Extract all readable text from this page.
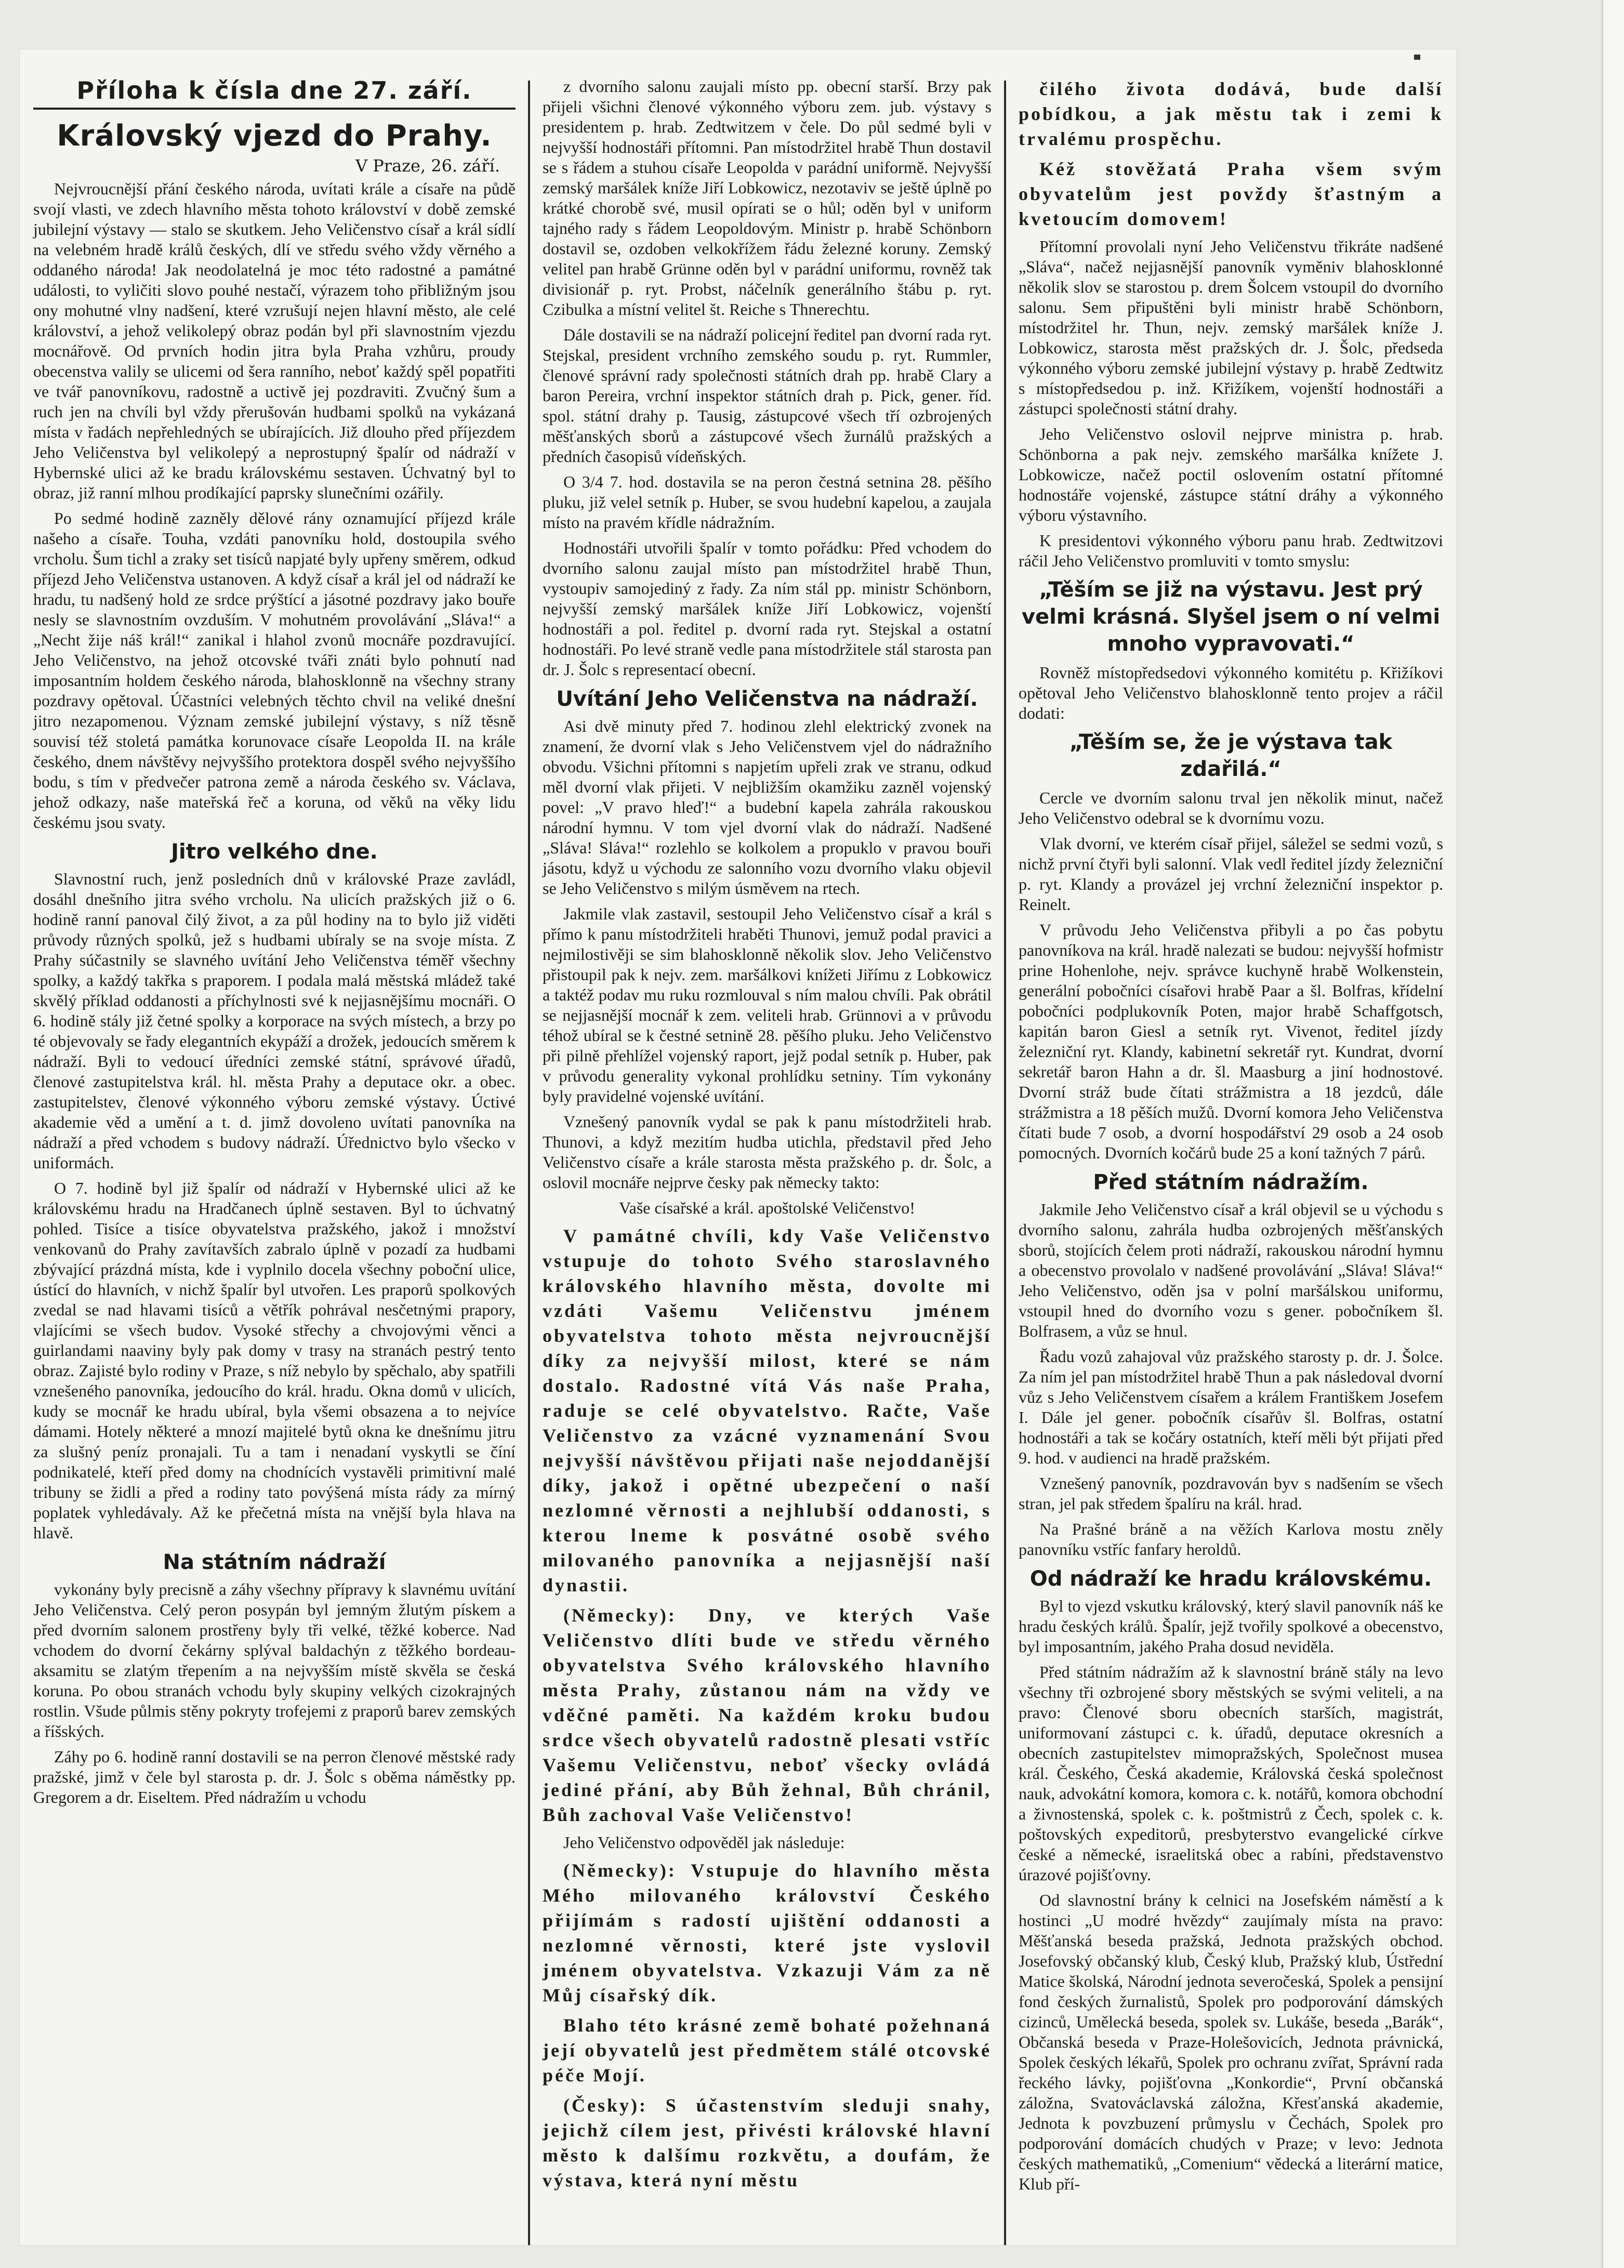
Příloha k čísla dne 27. září.
Královský vjezd do Prahy.
V Praze, 26. září.

Nejvroucnější přání českého národa, uvítati krále a císaře na půdě svojí vlasti, ve zdech hlavního města tohoto království v době zemské jubilejní výstavy — stalo se skutkem. Jeho Veličenstvo císař a král sídlí na velebném hradě králů českých, dlí ve středu svého vždy věrného a oddaného národa! Jak neodolatelná je moc této radostné a památné události, to vyličiti slovo pouhé nestačí, výrazem toho přibližným jsou ony mohutné vlny nadšení, které vzrušují nejen hlavní město, ale celé království, a jehož velikolepý obraz podán byl při slavnostním vjezdu mocnářově. Od prvních hodin jitra byla Praha vzhůru, proudy obecenstva valily se ulicemi od šera ranního, neboť každý spěl popatřiti ve tvář panovníkovu, radostně a uctivě jej pozdraviti. Zvučný šum a ruch jen na chvíli byl vždy přerušován hudbami spolků na vykázaná místa v řadách nepřehledných se ubírajících. Již dlouho před příjezdem Jeho Veličenstva byl velikolepý a neprostupný špalír od nádraží v Hybernské ulici až ke bradu královskému sestaven. Úchvatný byl to obraz, již ranní mlhou prodíkající paprsky slunečními ozářily.

Po sedmé hodině zazněly dělové rány oznamující příjezd krále našeho a císaře. Touha, vzdáti panovníku hold, dostoupila svého vrcholu. Šum tichl a zraky set tisíců napjaté byly upřeny směrem, odkud příjezd Jeho Veličenstva ustanoven. A když císař a král jel od nádraží ke hradu, tu nadšený hold ze srdce prýštící a jásotné pozdravy jako bouře nesly se slavnostním ovzduším. V mohutném provolávání „Sláva!“ a „Necht žije náš král!“ zanikal i hlahol zvonů mocnáře pozdravující. Jeho Veličenstvo, na jehož otcovské tváři znáti bylo pohnutí nad imposantním holdem českého národa, blahosklonně na všechny strany pozdravy opětoval. Účastníci velebných těchto chvil na veliké dnešní jitro nezapomenou. Význam zemské jubilejní výstavy, s níž těsně souvisí též stoletá památka korunovace císaře Leopolda II. na krále českého, dnem návštěvy nejvyššího protektora dospěl svého nejvyššího bodu, s tím v předvečer patrona země a národa českého sv. Václava, jehož odkazy, naše mateřská řeč a koruna, od věků na věky lidu českému jsou svaty.

Jitro velkého dne.

Slavnostní ruch, jenž posledních dnů v královské Praze zavládl, dosáhl dnešního jitra svého vrcholu. Na ulicích pražských již o 6. hodině ranní panoval čilý život, a za půl hodiny na to bylo již viděti průvody různých spolků, jež s hudbami ubíraly se na svoje místa. Z Prahy súčastnily se slavného uvítání Jeho Veličenstva téměř všechny spolky, a každý takřka s praporem. I podala malá městská mládež také skvělý příklad oddanosti a příchylnosti své k nejjasnějšímu mocnáři. O 6. hodině stály již četné spolky a korporace na svých místech, a brzy po té objevovaly se řady elegantních ekypáží a drožek, jedoucích směrem k nádraží. Byli to vedoucí úředníci zemské státní, správové úřadů, členové zastupitelstva král. hl. města Prahy a deputace okr. a obec. zastupitelstev, členové výkonného výboru zemské výstavy. Úctivé akademie věd a umění a t. d. jimž dovoleno uvítati panovníka na nádraží a před vchodem s budovy nádraží. Úřednictvo bylo všecko v uniformách.

O 7. hodině byl již špalír od nádraží v Hybernské ulici až ke královskému hradu na Hradčanech úplně sestaven. Byl to úchvatný pohled. Tisíce a tisíce obyvatelstva pražského, jakož i množství venkovanů do Prahy zavítavších zabralo úplně v pozadí za hudbami zbývající prázdná místa, kde i vyplnilo docela všechny poboční ulice, ústící do hlavních, v nichž špalír byl utvořen. Les praporů spolkových zvedal se nad hlavami tisíců a větřík pohrával nesčetnými prapory, vlajícími se všech budov. Vysoké střechy a chvojovými věnci a guirlandami naaviny byly pak domy v trasy na stranách pestrý tento obraz. Zajisté bylo rodiny v Praze, s níž nebylo by spěchalo, aby spatřili vznešeného panovníka, jedoucího do král. hradu. Okna domů v ulicích, kudy se mocnář ke hradu ubíral, byla všemi obsazena a to nejvíce dámami. Hotely některé a mnozí majitelé bytů okna ke dnešnímu jitru za slušný peníz pronajali. Tu a tam i nenadaní vyskytli se číní podnikatelé, kteří před domy na chodnících vystavěli primitivní malé tribuny se židli a před a rodiny tato povýšená místa rády za mírný poplatek vyhledávaly. Až ke přečetná místa na vnější byla hlava na hlavě.

Na státním nádraží

vykonány byly precisně a záhy všechny přípravy k slavnému uvítání Jeho Veličenstva. Celý peron posypán byl jemným žlutým pískem a před dvorním salonem prostřeny byly tři velké, těžké koberce. Nad vchodem do dvorní čekárny splýval baldachýn z těžkého bordeau-aksamitu se zlatým třepením a na nejvyšším místě skvěla se česká koruna. Po obou stranách vchodu byly skupiny velkých cizokrajných rostlin. Všude půlmis stěny pokryty trofejemi z praporů barev zemských a říšských.

Záhy po 6. hodině ranní dostavili se na perron členové městské rady pražské, jimž v čele byl starosta p. dr. J. Šolc s oběma náměstky pp. Gregorem a dr. Eiseltem. Před nádražím u vchodu

z dvorního salonu zaujali místo pp. obecní starší. Brzy pak přijeli všichni členové výkonného výboru zem. jub. výstavy s presidentem p. hrab. Zedtwitzem v čele. Do půl sedmé byli v nejvyšší hodnostáři přítomni. Pan místodržitel hrabě Thun dostavil se s řádem a stuhou císaře Leopolda v parádní uniformě. Nejvyšší zemský maršálek kníže Jiří Lobkowicz, nezotaviv se ještě úplně po krátké chorobě své, musil opírati se o hůl; oděn byl v uniform tajného rady s řádem Leopoldovým. Ministr p. hrabě Schönborn dostavil se, ozdoben velkokřížem řádu železné koruny. Zemský velitel pan hrabě Grünne oděn byl v parádní uniformu, rovněž tak divisionář p. ryt. Probst, náčelník generálního štábu p. ryt. Czibulka a místní velitel št. Reiche s Thnerechtu.

Dále dostavili se na nádraží policejní ředitel pan dvorní rada ryt. Stejskal, president vrchního zemského soudu p. ryt. Rummler, členové správní rady společnosti státních drah pp. hrabě Clary a baron Pereira, vrchní inspektor státních drah p. Pick, gener. říd. spol. státní drahy p. Tausig, zástupcové všech tří ozbrojených měšťanských sborů a zástupcové všech žurnálů pražských a předních časopisů vídeňských.

O 3/4 7. hod. dostavila se na peron čestná setnina 28. pěšího pluku, již velel setník p. Huber, se svou hudební kapelou, a zaujala místo na pravém křídle nádražním.

Hodnostáři utvořili špalír v tomto pořádku: Před vchodem do dvorního salonu zaujal místo pan místodržitel hrabě Thun, vystoupiv samojediný z řady. Za ním stál pp. ministr Schönborn, nejvyšší zemský maršálek kníže Jiří Lobkowicz, vojenští hodnostáři a pol. ředitel p. dvorní rada ryt. Stejskal a ostatní hodnostáři. Po levé straně vedle pana místodržitele stál starosta pan dr. J. Šolc s representací obecní.

Uvítání Jeho Veličenstva na nádraží.

Asi dvě minuty před 7. hodinou zlehl elektrický zvonek na znamení, že dvorní vlak s Jeho Veličenstvem vjel do nádražního obvodu. Všichni přítomni s napjetím upřeli zrak ve stranu, odkud měl dvorní vlak přijeti. V nejbližším okamžiku zazněl vojenský povel: „V pravo hleď!“ a budební kapela zahrála rakouskou národní hymnu. V tom vjel dvorní vlak do nádraží. Nadšené „Sláva! Sláva!“ rozlehlo se kolkolem a propuklo v pravou bouři jásotu, když u východu ze salonního vozu dvorního vlaku objevil se Jeho Veličenstvo s milým úsměvem na rtech.

Jakmile vlak zastavil, sestoupil Jeho Veličenstvo císař a král s přímo k panu místodržiteli hraběti Thunovi, jemuž podal pravici a nejmilostivěji se sim blahosklonně několik slov. Jeho Veličenstvo přistoupil pak k nejv. zem. maršálkovi knížeti Jiřímu z Lobkowicz a taktéž podav mu ruku rozmlouval s ním malou chvíli. Pak obrátil se nejjasnější mocnář k zem. veliteli hrab. Grünnovi a v průvodu téhož ubíral se k čestné setnině 28. pěšího pluku. Jeho Veličenstvo při pilně přehlížel vojenský raport, jejž podal setník p. Huber, pak v průvodu generality vykonal prohlídku setniny. Tím vykonány byly pravidelné vojenské uvítání.

Vznešený panovník vydal se pak k panu místodržiteli hrab. Thunovi, a když mezitím hudba utichla, představil před Jeho Veličenstvo císaře a krále starosta města pražského p. dr. Šolc, a oslovil mocnáře nejprve česky pak německy takto:

Vaše císařské a král. apoštolské Veličenstvo!

V památné chvíli, kdy Vaše Veličenstvo vstupuje do tohoto Svého staroslavného královského hlavního města, dovolte mi vzdáti Vašemu Veličenstvu jménem obyvatelstva tohoto města nejvroucnější díky za nejvyšší milost, které se nám dostalo. Radostné vítá Vás naše Praha, raduje se celé obyvatelstvo. Račte, Vaše Veličenstvo za vzácné vyznamenání Svou nejvyšší návštěvou přijati naše nejoddanější díky, jakož i opětné ubezpečení o naší nezlomné věrnosti a nejhlubší oddanosti, s kterou lneme k posvátné osobě svého milovaného panovníka a nejjasnější naší dynastii.

(Německy): Dny, ve kterých Vaše Veličenstvo dlíti bude ve středu věrného obyvatelstva Svého královského hlavního města Prahy, zůstanou nám na vždy ve vděčné paměti. Na každém kroku budou srdce všech obyvatelů radostně plesati vstříc Vašemu Veličenstvu, neboť všecky ovládá jediné přání, aby Bůh žehnal, Bůh chránil, Bůh zachoval Vaše Veličenstvo!

Jeho Veličenstvo odpověděl jak následuje:

(Německy): Vstupuje do hlavního města Mého milovaného království Českého přijímám s radostí ujištění oddanosti a nezlomné věrnosti, které jste vyslovil jménem obyvatelstva. Vzkazuji Vám za ně Můj císařský dík.

Blaho této krásné země bohaté požehnaná její obyvatelů jest předmětem stálé otcovské péče Mojí.

(Česky): S účastenstvím sleduji snahy, jejichž cílem jest, přivésti královské hlavní město k dalšímu rozkvětu, a doufám, že výstava, která nyní městu

čilého života dodává, bude další pobídkou, a jak městu tak i zemi k trvalému prospěchu.

Kéž stověžatá Praha všem svým obyvatelům jest povždy šťastným a kvetoucím domovem!

Přítomní provolali nyní Jeho Veličenstvu třikráte nadšené „Sláva“, načež nejjasnější panovník vyměniv blahosklonné několik slov se starostou p. drem Šolcem vstoupil do dvorního salonu. Sem připuštěni byli ministr hrabě Schönborn, místodržitel hr. Thun, nejv. zemský maršálek kníže J. Lobkowicz, starosta měst pražských dr. J. Šolc, předseda výkonného výboru zemské jubilejní výstavy p. hrabě Zedtwitz s místopředsedou p. inž. Křižíkem, vojenští hodnostáři a zástupci společnosti státní drahy.

Jeho Veličenstvo oslovil nejprve ministra p. hrab. Schönborna a pak nejv. zemského maršálka knížete J. Lobkowicze, načež poctil oslovením ostatní přítomné hodnostáře vojenské, zástupce státní dráhy a výkonného výboru výstavního.

K presidentovi výkonného výboru panu hrab. Zedtwitzovi ráčil Jeho Veličenstvo promluviti v tomto smyslu:

„Těším se již na výstavu. Jest prý velmi krásná. Slyšel jsem o ní velmi mnoho vypravovati.“

Rovněž místopředsedovi výkonného komitétu p. Křižíkovi opětoval Jeho Veličenstvo blahosklonně tento projev a ráčil dodati:

„Těším se, že je výstava tak zdařilá.“

Cercle ve dvorním salonu trval jen několik minut, načež Jeho Veličenstvo odebral se k dvornímu vozu.

Vlak dvorní, ve kterém císař přijel, sáležel se sedmi vozů, s nichž první čtyři byli salonní. Vlak vedl ředitel jízdy železniční p. ryt. Klandy a provázel jej vrchní železniční inspektor p. Reinelt.

V průvodu Jeho Veličenstva přibyli a po čas pobytu panovníkova na král. hradě nalezati se budou: nejvyšší hofmistr prine Hohenlohe, nejv. správce kuchyně hrabě Wolkenstein, generální pobočníci císařovi hrabě Paar a šl. Bolfras, křídelní pobočníci podplukovník Poten, major hrabě Schaffgotsch, kapitán baron Giesl a setník ryt. Vivenot, ředitel jízdy železniční ryt. Klandy, kabinetní sekretář ryt. Kundrat, dvorní sekretář baron Hahn a dr. šl. Maasburg a jiní hodnostové. Dvorní stráž bude čítati strážmistra a 18 jezdců, dále strážmistra a 18 pěších mužů. Dvorní komora Jeho Veličenstva čítati bude 7 osob, a dvorní hospodářství 29 osob a 24 osob pomocných. Dvorních kočárů bude 25 a koní tažných 7 párů.

Před státním nádražím.

Jakmile Jeho Veličenstvo císař a král objevil se u východu s dvorního salonu, zahrála hudba ozbrojených měšťanských sborů, stojících čelem proti nádraží, rakouskou národní hymnu a obecenstvo provolalo v nadšené provolávání „Sláva! Sláva!“ Jeho Veličenstvo, oděn jsa v polní maršálskou uniformu, vstoupil hned do dvorního vozu s gener. pobočníkem šl. Bolfrasem, a vůz se hnul.

Řadu vozů zahajoval vůz pražského starosty p. dr. J. Šolce. Za ním jel pan místodržitel hrabě Thun a pak následoval dvorní vůz s Jeho Veličenstvem císařem a králem Františkem Josefem I. Dále jel gener. pobočník císařův šl. Bolfras, ostatní hodnostáři a tak se kočáry ostatních, kteří měli být přijati před 9. hod. v audienci na hradě pražském.

Vznešený panovník, pozdravován byv s nadšením se všech stran, jel pak středem špalíru na král. hrad.

Na Prašné bráně a na věžích Karlova mostu zněly panovníku vstříc fanfary heroldů.

Od nádraží ke hradu královskému.

Byl to vjezd vskutku královský, který slavil panovník náš ke hradu českých králů. Špalír, jejž tvořily spolkové a obecenstvo, byl imposantním, jakého Praha dosud neviděla.

Před státním nádražím až k slavnostní bráně stály na levo všechny tři ozbrojené sbory městských se svými veliteli, a na pravo: Členové sboru obecních starších, magistrát, uniformovaní zástupci c. k. úřadů, deputace okresních a obecních zastupitelstev mimopražských, Společnost musea král. Českého, Česká akademie, Královská česká společnost nauk, advokátní komora, komora c. k. notářů, komora obchodní a živnostenská, spolek c. k. poštmistrů z Čech, spolek c. k. poštovských expeditorů, presbyterstvo evangelické církve české a německé, israelitská obec a rabíni, představenstvo úrazové pojišťovny.

Od slavnostní brány k celnici na Josefském náměstí a k hostinci „U modré hvězdy“ zaujímaly místa na pravo: Měšťanská beseda pražská, Jednota pražských obchod. Josefovský občanský klub, Český klub, Pražský klub, Ústřední Matice školská, Národní jednota severočeská, Spolek a pensijní fond českých žurnalistů, Spolek pro podporování dámských cizinců, Umělecká beseda, spolek sv. Lukáše, beseda „Barák“, Občanská beseda v Praze-Holešovicích, Jednota právnická, Spolek českých lékařů, Spolek pro ochranu zvířat, Správní rada řeckého lávky, pojišťovna „Konkordie“, První občanská záložna, Svatováclavská záložna, Křesťanská akademie, Jednota k povzbuzení průmyslu v Čechách, Spolek pro podporování domácích chudých v Praze; v levo: Jednota českých mathematiků, „Comenium“ vědecká a literární matice, Klub pří-
